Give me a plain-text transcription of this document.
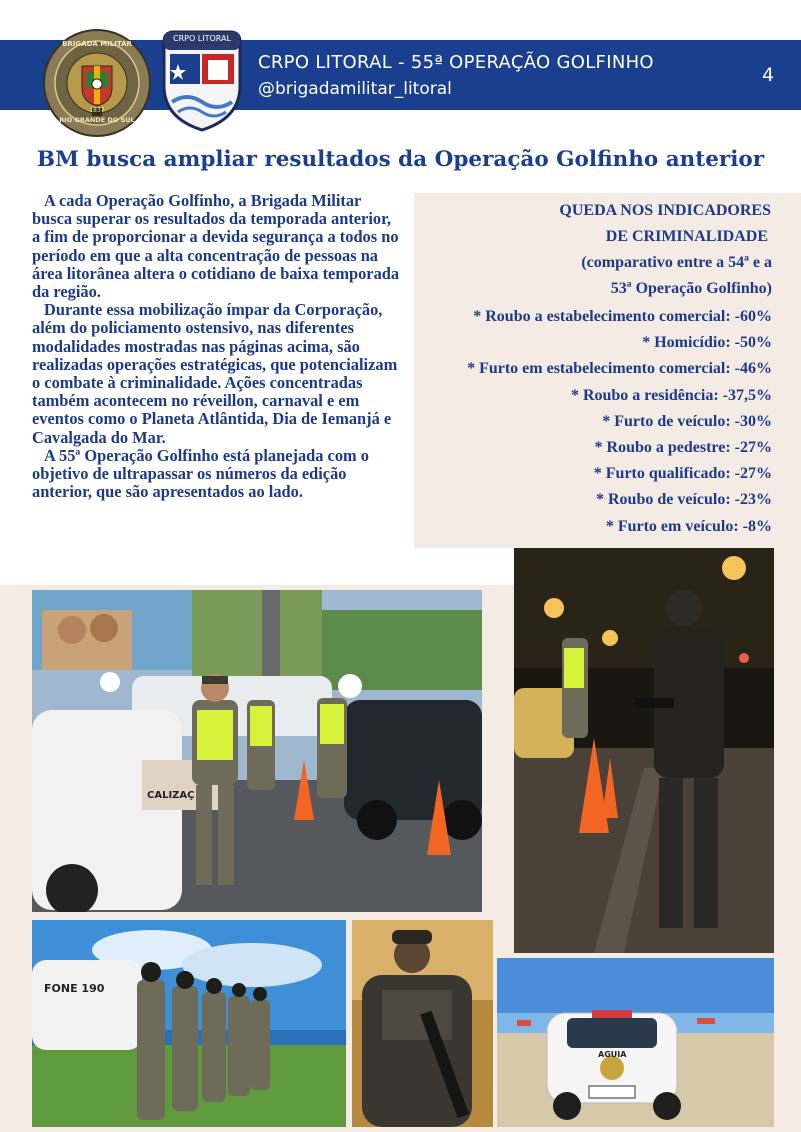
CRPO LITORAL - 55ª OPERAÇÃO GOLFINHO
@brigadamilitar_litoral
4
BRIGADA MILITAR
RIO GRANDE DO SUL
1837
CRPO LITORAL
BM busca ampliar resultados da Operação Golfinho anterior

A cada Operação Golfinho, a Brigada Militar busca superar os resultados da temporada anterior, a fim de proporcionar a devida segurança a todos no período em que a alta concentração de pessoas na área litorânea altera o cotidiano de baixa temporada da região.

Durante essa mobilização ímpar da Corporação, além do policiamento ostensivo, nas diferentes modalidades mostradas nas páginas acima, são realizadas operações estratégicas, que potencializam o combate à criminalidade. Ações concentradas também acontecem no réveillon, carnaval e em eventos como o Planeta Atlântida, Dia de Iemanjá e Cavalgada do Mar.

A 55ª Operação Golfinho está planejada com o objetivo de ultrapassar os números da edição anterior, que são apresentados ao lado.

QUEDA NOS INDICADORES
DE CRIMINALIDADE
(comparativo entre a 54ª e a
53ª Operação Golfinho)
* Roubo a estabelecimento comercial: -60%
* Homicídio: -50%
* Furto em estabelecimento comercial: -46%
* Roubo a residência: -37,5%
* Furto de veículo: -30%
* Roubo a pedestre: -27%
* Furto qualificado: -27%
* Roubo de veículo: -23%
* Furto em veículo: -8%
CALIZAÇ
FONE 190
AGUIA
